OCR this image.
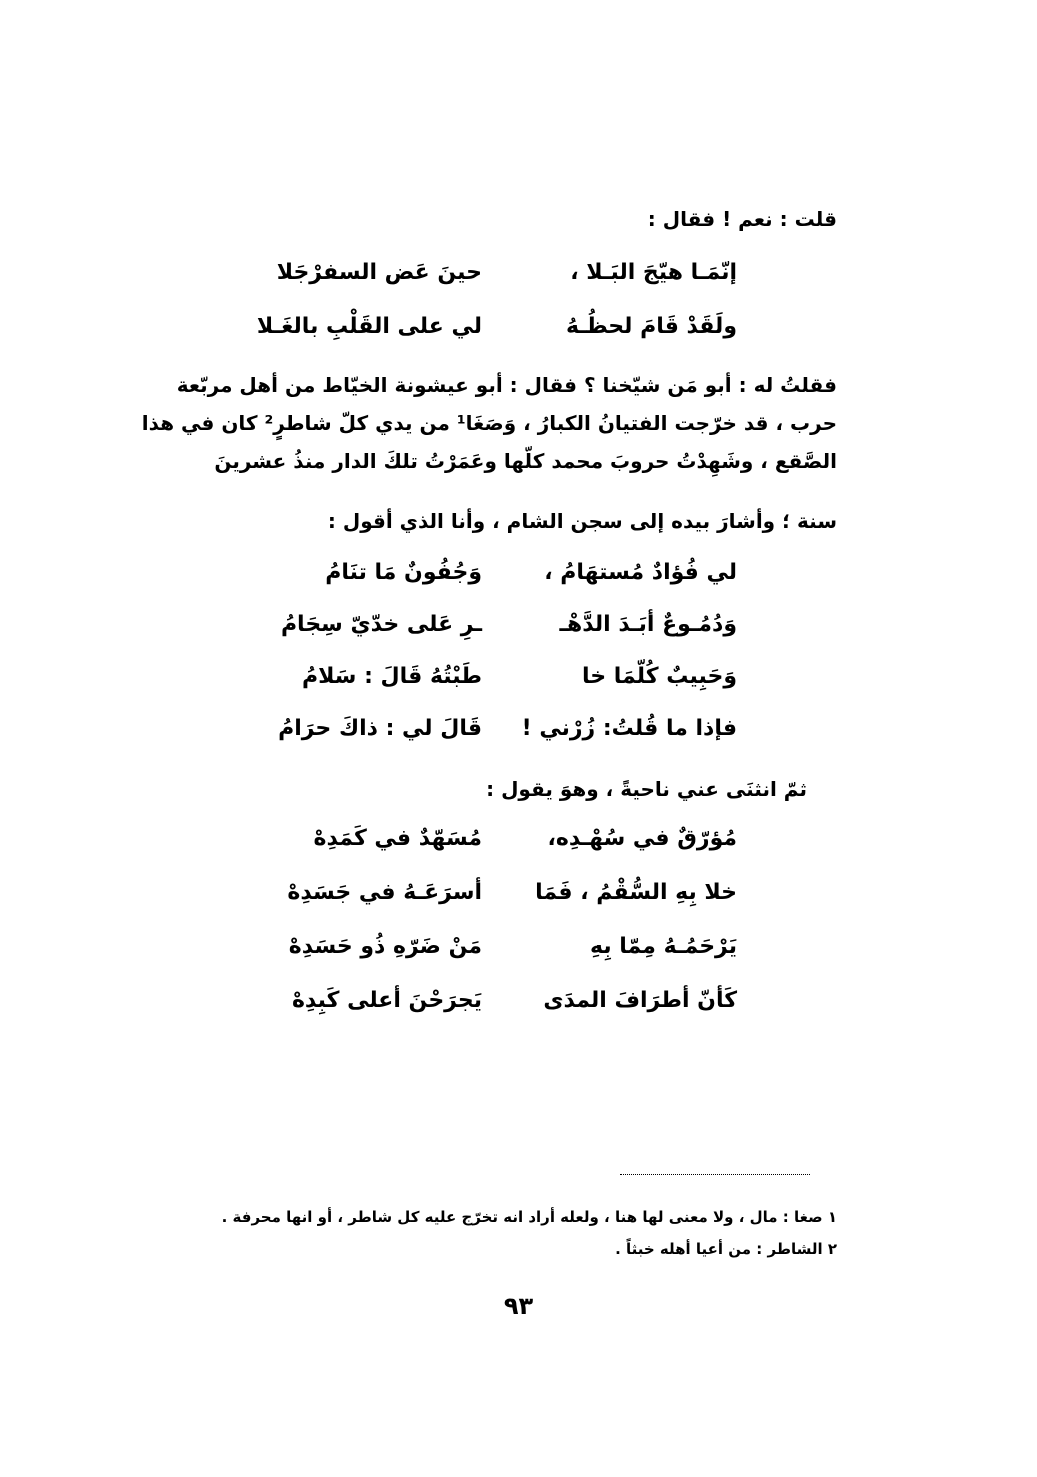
قلت : نعم ! فقال :
إنّمَـا هيّجَ البَـلا ،
حينَ عَض السفرْجَلا
ولَقَدْ قَامَ لحظُـهُ
لي على القَلْبِ بالغَـلا
فقلتُ له : أبو مَن شيّخنا ؟ فقال : أبو عيشونة الخيّاط من أهل مربّعة
حرب ، قد خرّجت الفتيانُ الكبارُ ، وَصَغَا¹ من يدي كلّ شاطرٍ² كان في هذا
الصَّقع ، وشَهِدْتُ حروبَ محمد كلّها وعَمَرْتُ تلكَ الدار منذُ عشرينَ
سنة ؛ وأشارَ بيده إلى سجن الشام ، وأنا الذي أقول :
لي فُؤادٌ مُستهَامُ ،
وَجُفُونٌ مَا تنَامُ
وَدُمُـوعٌ أبَـدَ الدَّهْـ
ـرِ عَلى خدّيّ سِجَامُ
وَحَبِيبٌ كُلّمَا خا
طَبْتُهُ قَالَ : سَلامُ
فإذا ما قُلتُ: زُرْني !
قَالَ لي : ذاكَ حرَامُ
ثمّ انثنَى عني ناحيةً ، وهوَ يقول :
مُؤرّقٌ في سُهْـدِه،
مُسَهّدٌ في كَمَدِهْ
خلا بِهِ السُّقْمُ ، فَمَا
أسرَعَـهُ في جَسَدِهْ
يَرْحَمُـهُ مِمّا بِهِ
مَنْ ضَرّهِ ذُو حَسَدِهْ
كَأنّ أطرَافَ المدَى
يَجرَحْنَ أعلى كَبِدِهْ
١ صغا : مال ، ولا معنى لها هنا ، ولعله أراد انه تخرّج عليه كل شاطر ، أو انها محرفة .
٢ الشاطر : من أعيا أهله خبثاً .
٩٣
